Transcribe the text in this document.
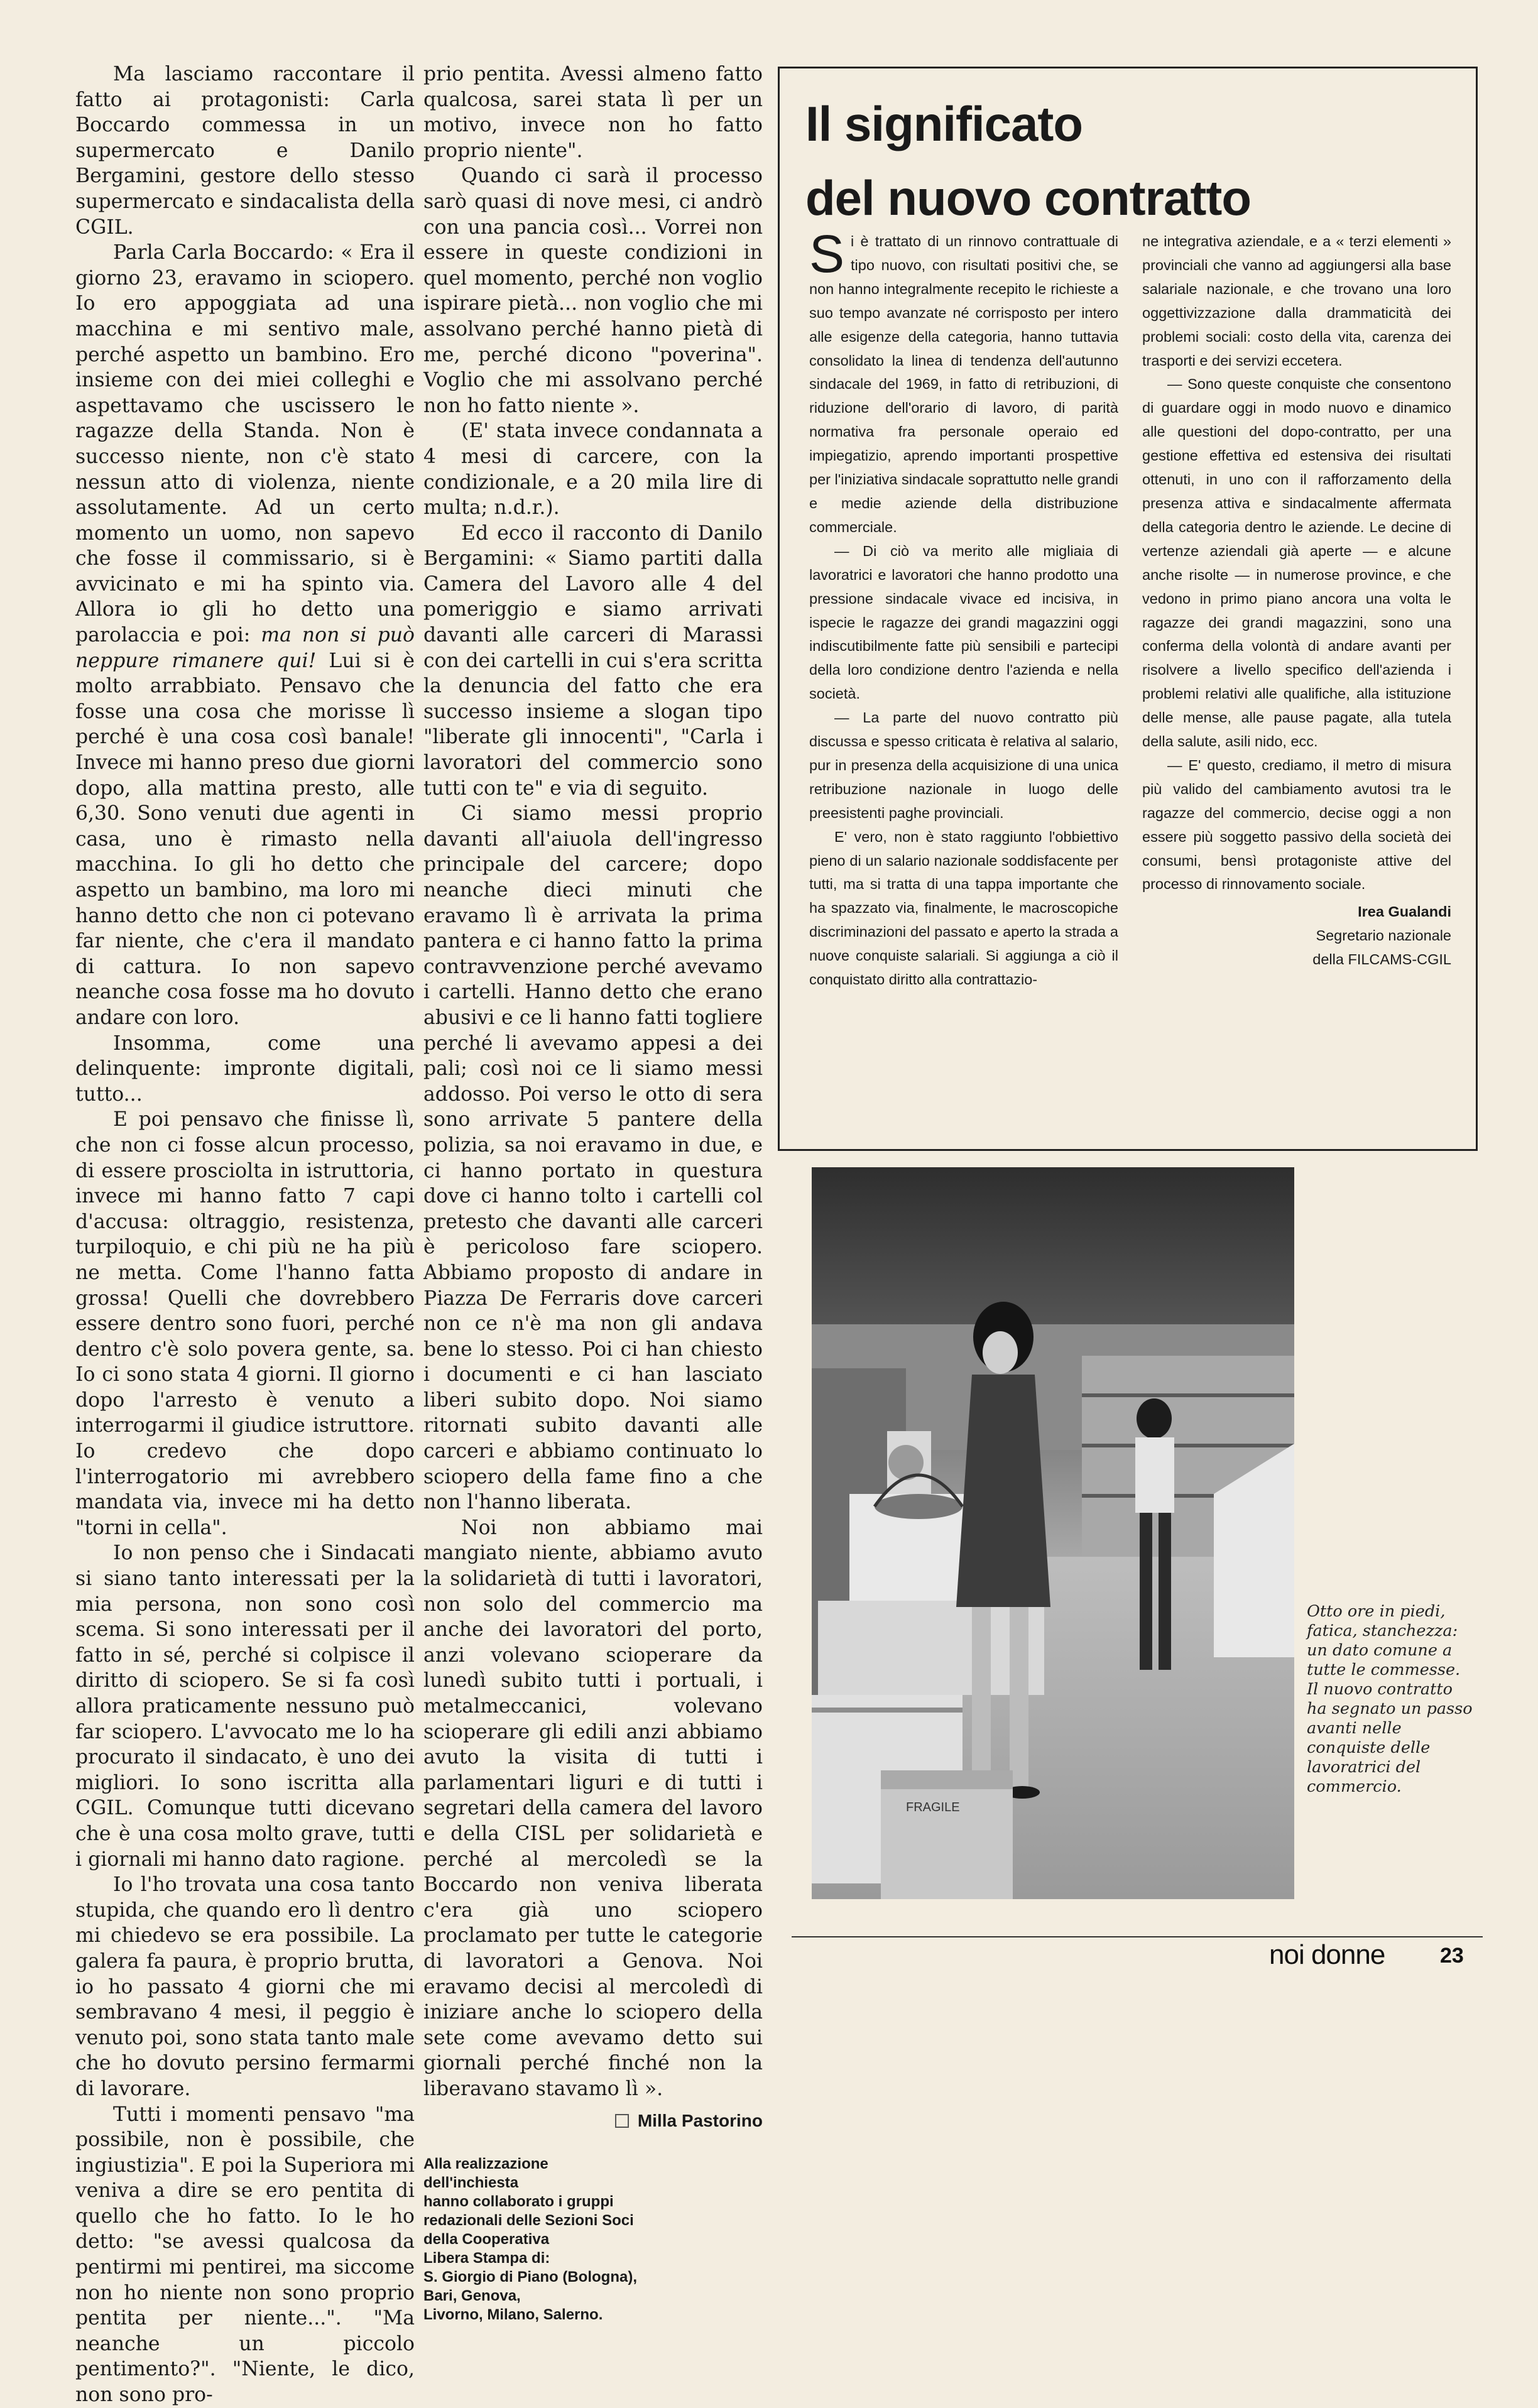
Ma lasciamo raccontare il fatto ai protagonisti: Carla Boccardo commessa in un supermercato e Danilo Bergamini, gestore dello stesso supermercato e sindacalista della CGIL.

Parla Carla Boccardo: « Era il giorno 23, eravamo in sciopero. Io ero appoggiata ad una macchina e mi sentivo male, perché aspetto un bambino. Ero insieme con dei miei colleghi e aspettavamo che uscissero le ragazze della Standa. Non è successo niente, non c'è stato nessun atto di violenza, niente assolutamente. Ad un certo momento un uomo, non sapevo che fosse il commissario, si è avvicinato e mi ha spinto via. Allora io gli ho detto una parolaccia e poi: ma non si può neppure rimanere qui! Lui si è molto arrabbiato. Pensavo che fosse una cosa che morisse lì perché è una cosa così banale! Invece mi hanno preso due giorni dopo, alla mattina presto, alle 6,30. Sono venuti due agenti in casa, uno è rimasto nella macchina. Io gli ho detto che aspetto un bambino, ma loro mi hanno detto che non ci potevano far niente, che c'era il mandato di cattura. Io non sapevo neanche cosa fosse ma ho dovuto andare con loro.

Insomma, come una delinquente: impronte digitali, tutto...

E poi pensavo che finisse lì, che non ci fosse alcun processo, di essere prosciolta in istruttoria, invece mi hanno fatto 7 capi d'accusa: oltraggio, resistenza, turpiloquio, e chi più ne ha più ne metta. Come l'hanno fatta grossa! Quelli che dovrebbero essere dentro sono fuori, perché dentro c'è solo povera gente, sa. Io ci sono stata 4 giorni. Il giorno dopo l'arresto è venuto a interrogarmi il giudice istruttore. Io credevo che dopo l'interrogatorio mi avrebbero mandata via, invece mi ha detto "torni in cella".

Io non penso che i Sindacati si siano tanto interessati per la mia persona, non sono così scema. Si sono interessati per il fatto in sé, perché si colpisce il diritto di sciopero. Se si fa così allora praticamente nessuno può far sciopero. L'avvocato me lo ha procurato il sindacato, è uno dei migliori. Io sono iscritta alla CGIL. Comunque tutti dicevano che è una cosa molto grave, tutti i giornali mi hanno dato ragione.

Io l'ho trovata una cosa tanto stupida, che quando ero lì dentro mi chiedevo se era possibile. La galera fa paura, è proprio brutta, io ho passato 4 giorni che mi sembravano 4 mesi, il peggio è venuto poi, sono stata tanto male che ho dovuto persino fermarmi di lavorare.

Tutti i momenti pensavo "ma possibile, non è possibile, che ingiustizia". E poi la Superiora mi veniva a dire se ero pentita di quello che ho fatto. Io le ho detto: "se avessi qualcosa da pentirmi mi pentirei, ma siccome non ho niente non sono proprio pentita per niente...". "Ma neanche un piccolo pentimento?". "Niente, le dico, non sono pro-

prio pentita. Avessi almeno fatto qualcosa, sarei stata lì per un motivo, invece non ho fatto proprio niente".

Quando ci sarà il processo sarò quasi di nove mesi, ci andrò con una pancia così... Vorrei non essere in queste condizioni in quel momento, perché non voglio ispirare pietà... non voglio che mi assolvano perché hanno pietà di me, perché dicono "poverina". Voglio che mi assolvano perché non ho fatto niente ».

(E' stata invece condannata a 4 mesi di carcere, con la condizionale, e a 20 mila lire di multa; n.d.r.).

Ed ecco il racconto di Danilo Bergamini: « Siamo partiti dalla Camera del Lavoro alle 4 del pomeriggio e siamo arrivati davanti alle carceri di Marassi con dei cartelli in cui s'era scritta la denuncia del fatto che era successo insieme a slogan tipo "liberate gli innocenti", "Carla i lavoratori del commercio sono tutti con te" e via di seguito.

Ci siamo messi proprio davanti all'aiuola dell'ingresso principale del carcere; dopo neanche dieci minuti che eravamo lì è arrivata la prima pantera e ci hanno fatto la prima contravvenzione perché avevamo i cartelli. Hanno detto che erano abusivi e ce li hanno fatti togliere perché li avevamo appesi a dei pali; così noi ce li siamo messi addosso. Poi verso le otto di sera sono arrivate 5 pantere della polizia, sa noi eravamo in due, e ci hanno portato in questura dove ci hanno tolto i cartelli col pretesto che davanti alle carceri è pericoloso fare sciopero. Abbiamo proposto di andare in Piazza De Ferraris dove carceri non ce n'è ma non gli andava bene lo stesso. Poi ci han chiesto i documenti e ci han lasciato liberi subito dopo. Noi siamo ritornati subito davanti alle carceri e abbiamo continuato lo sciopero della fame fino a che non l'hanno liberata.

Noi non abbiamo mai mangiato niente, abbiamo avuto la solidarietà di tutti i lavoratori, non solo del commercio ma anche dei lavoratori del porto, anzi volevano scioperare da lunedì subito tutti i portuali, i metalmeccanici, volevano scioperare gli edili anzi abbiamo avuto la visita di tutti i parlamentari liguri e di tutti i segretari della camera del lavoro e della CISL per solidarietà e perché al mercoledì se la Boccardo non veniva liberata c'era già uno sciopero proclamato per tutte le categorie di lavoratori a Genova. Noi eravamo decisi al mercoledì di iniziare anche lo sciopero della sete come avevamo detto sui giornali perché finché non la liberavano stavamo lì ».

Milla Pastorino
Alla realizzazione
dell'inchiesta
hanno collaborato i gruppi
redazionali delle Sezioni Soci
della Cooperativa
Libera Stampa di:
S. Giorgio di Piano (Bologna),
Bari, Genova,
Livorno, Milano, Salerno.
Il significato
del nuovo contratto

Si è trattato di un rinnovo contrattuale di tipo nuovo, con risultati positivi che, se non hanno integralmente recepito le richieste a suo tempo avanzate né corrisposto per intero alle esigenze della categoria, hanno tuttavia consolidato la linea di tendenza dell'autunno sindacale del 1969, in fatto di retribuzioni, di riduzione dell'orario di lavoro, di parità normativa fra personale operaio ed impiegatizio, aprendo importanti prospettive per l'iniziativa sindacale soprattutto nelle grandi e medie aziende della distribuzione commerciale.

— Di ciò va merito alle migliaia di lavoratrici e lavoratori che hanno prodotto una pressione sindacale vivace ed incisiva, in ispecie le ragazze dei grandi magazzini oggi indiscutibilmente fatte più sensibili e partecipi della loro condizione dentro l'azienda e nella società.

— La parte del nuovo contratto più discussa e spesso criticata è relativa al salario, pur in presenza della acquisizione di una unica retribuzione nazionale in luogo delle preesistenti paghe provinciali.

E' vero, non è stato raggiunto l'obbiettivo pieno di un salario nazionale soddisfacente per tutti, ma si tratta di una tappa importante che ha spazzato via, finalmente, le macroscopiche discriminazioni del passato e aperto la strada a nuove conquiste salariali. Si aggiunga a ciò il conquistato diritto alla contrattazio-

ne integrativa aziendale, e a « terzi elementi » provinciali che vanno ad aggiungersi alla base salariale nazionale, e che trovano una loro oggettivizzazione dalla drammaticità dei problemi sociali: costo della vita, carenza dei trasporti e dei servizi eccetera.

— Sono queste conquiste che consentono di guardare oggi in modo nuovo e dinamico alle questioni del dopo-contratto, per una gestione effettiva ed estensiva dei risultati ottenuti, in uno con il rafforzamento della presenza attiva e sindacalmente affermata della categoria dentro le aziende. Le decine di vertenze aziendali già aperte — e alcune anche risolte — in numerose province, e che vedono in primo piano ancora una volta le ragazze dei grandi magazzini, sono una conferma della volontà di andare avanti per risolvere a livello specifico dell'azienda i problemi relativi alle qualifiche, alla istituzione delle mense, alle pause pagate, alla tutela della salute, asili nido, ecc.

— E' questo, crediamo, il metro di misura più valido del cambiamento avutosi tra le ragazze del commercio, decise oggi a non essere più soggetto passivo della società dei consumi, bensì protagoniste attive del processo di rinnovamento sociale.

Irea Gualandi
Segretario nazionale
della FILCAMS-CGIL
FRAGILE
Otto ore in piedi, fatica, stanchezza: un dato comune a tutte le commesse. Il nuovo contratto ha segnato un passo avanti nelle conquiste delle lavoratrici del commercio.
noi donne	23
